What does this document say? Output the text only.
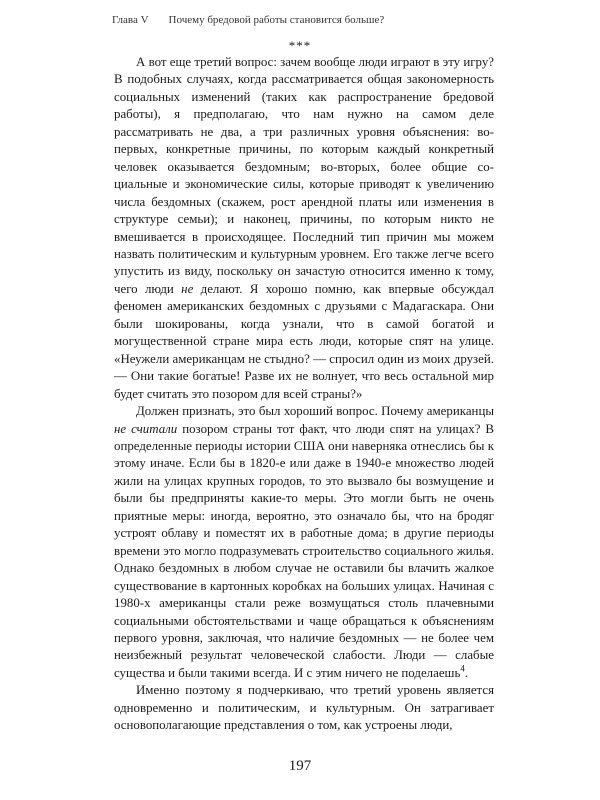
Глава V Почему бредовой работы становится больше?
***

А вот еще третий вопрос: зачем вообще люди играют в эту игру? В подобных случаях, когда рассматривается общая закономерность социальных изменений (таких как распространение бредовой работы), я предполагаю, что нам нужно на самом деле рассматривать не два, а три различных уровня объяснения: во-первых, конкретные причины, по которым каждый конкретный человек оказывается бездомным; во-вторых, более общие социальные и экономические силы, которые приводят к увеличению числа бездомных (скажем, рост арендной платы или изменения в структуре семьи); и наконец, причины, по которым никто не вмешивается в происходящее. Последний тип причин мы можем назвать политическим и культурным уровнем. Его также легче всего упустить из виду, поскольку он зачастую относится именно к тому, чего люди не делают. Я хорошо помню, как впервые обсуждал феномен американских бездомных с друзьями с Мадагаскара. Они были шокированы, когда узнали, что в самой богатой и могущественной стране мира есть люди, которые спят на улице. «Неужели американцам не стыдно? — спросил один из моих друзей. — Они такие богатые! Разве их не волнует, что весь остальной мир будет считать это позором для всей страны?»

Должен признать, это был хороший вопрос. Почему американцы не считали позором страны тот факт, что люди спят на улицах? В определенные периоды истории США они наверняка отнеслись бы к этому иначе. Если бы в 1820-е или даже в 1940-е множество людей жили на улицах крупных городов, то это вызвало бы возмущение и были бы предприняты какие-то меры. Это могли быть не очень приятные меры: иногда, вероятно, это означало бы, что на бродяг устроят облаву и поместят их в работные дома; в другие периоды времени это могло подразумевать строительство социального жилья. Однако бездомных в любом случае не оставили бы влачить жалкое существование в картонных коробках на больших улицах. Начиная с 1980-х американцы стали реже возмущаться столь плачевными социальными обстоятельствами и чаще обращаться к объяснениям первого уровня, заключая, что наличие бездомных — не более чем неизбежный результат человеческой слабости. Люди — слабые существа и были такими всегда. И с этим ничего не поделаешь$^4$.

Именно поэтому я подчеркиваю, что третий уровень является одновременно и политическим, и культурным. Он затрагивает основополагающие представления о том, как устроены люди,

197
